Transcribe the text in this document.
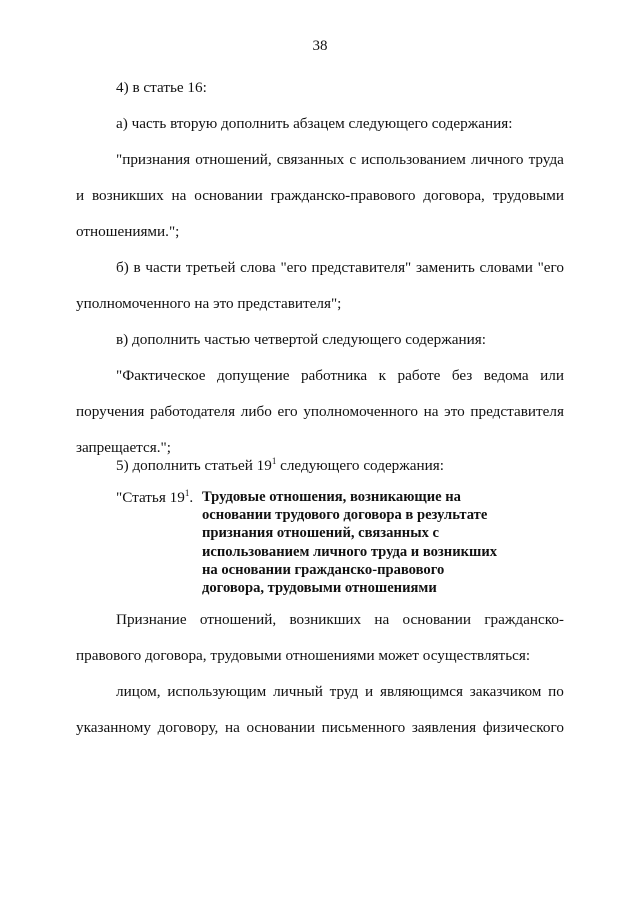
38
4) в статье 16:
а) часть вторую дополнить абзацем следующего содержания:
"признания отношений, связанных с использованием личного труда
и возникших на основании гражданско-правового договора, трудовыми
отношениями.";
б) в части третьей слова "его представителя" заменить словами "его
уполномоченного на это представителя";
в) дополнить частью четвертой следующего содержания:
"Фактическое допущение работника к работе без ведома или
поручения работодателя либо его уполномоченного на это представителя
запрещается.";
5) дополнить статьей $19^1$ следующего содержания:
"Статья $19^1$. Трудовые отношения, возникающие на
основании трудового договора в результате
признания отношений, связанных с
использованием личного труда и возникших
на основании гражданско-правового
договора, трудовыми отношениями
Признание отношений, возникших на основании гражданско-
правового договора, трудовыми отношениями может осуществляться:
лицом, использующим личный труд и являющимся заказчиком по
указанному договору, на основании письменного заявления физического
